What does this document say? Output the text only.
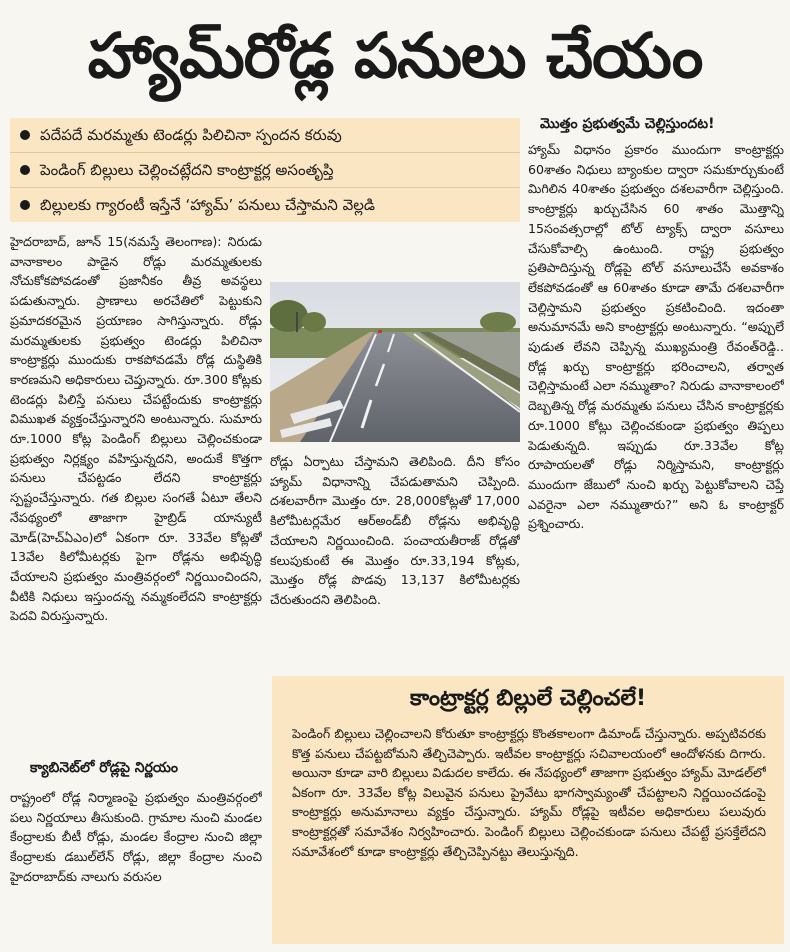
హ్యామ్‌రోడ్ల పనులు చేయం
పదేపదే మరమ్మతు టెండర్లు పిలిచినా స్పందన కరువు
పెండింగ్ బిల్లులు చెల్లించట్లేదని కాంట్రాక్టర్ల అసంతృప్తి
బిల్లులకు గ్యారంటీ ఇస్తేనే ‘హ్యామ్’ పనులు చేస్తామని వెల్లడి

హైదరాబాద్, జూన్ 15(నమస్తే తెలంగాణ): నిరుడు వానాకాలం పాడైన రోడ్లు మరమ్మతులకు నోచుకోకపోవడంతో ప్రజానీకం తీవ్ర అవస్థలు పడుతున్నారు. ప్రాణాలు అరచేతిలో పెట్టుకుని ప్రమాదకరమైన ప్రయాణం సాగిస్తున్నారు. రోడ్లు మరమ్మతులకు ప్రభుత్వం టెండర్లు పిలిచినా కాంట్రాక్టర్లు ముందుకు రాకపోవడమే రోడ్ల దుస్థితికి కారణమని అధికారులు చెప్తున్నారు. రూ.300 కోట్లకు టెండర్లు పిలిస్తే పనులు చేపట్టేందుకు కాంట్రాక్టర్లు విముఖత వ్యక్తంచేస్తున్నారని అంటున్నారు. సుమారు రూ.1000 కోట్ల పెండింగ్ బిల్లులు చెల్లించకుండా ప్రభుత్వం నిర్లక్ష్యం వహిస్తున్నదని, అందుకే కొత్తగా పనులు చేపట్టడం లేదని కాంట్రాక్టర్లు స్పష్టంచేస్తున్నారు. గత బిల్లుల సంగతే ఏటూ తేలని నేపథ్యంలో తాజాగా హైబ్రిడ్ యాన్యుటీ మోడ్(హెచ్ఏఎం)లో ఏకంగా రూ. 33వేల కోట్లతో 13వేల కిలోమీటర్లకు పైగా రోడ్లను అభివృద్ధి చేయాలని ప్రభుత్వం మంత్రివర్గంలో నిర్ణయించిందని, వీటికి నిధులు ఇస్తుందన్న నమ్మకంలేదని కాంట్రాక్టర్లు పెదవి విరుస్తున్నారు.

క్యాబినెట్‌లో రోడ్లపై నిర్ణయం

రాష్ట్రంలో రోడ్ల నిర్మాణంపై ప్రభుత్వం మంత్రివర్గంలో పలు నిర్ణయాలు తీసుకుంది. గ్రామాల నుంచి మండల కేంద్రాలకు బీటీ రోడ్లు, మండల కేంద్రాల నుంచి జిల్లా కేంద్రాలకు డబుల్‌లేన్ రోడ్లు, జిల్లా కేంద్రాల నుంచి హైదరాబాద్‌కు నాలుగు వరుసల

రోడ్లు ఏర్పాటు చేస్తామని తెలిపింది. దీని కోసం హ్యామ్ విధానాన్ని చేపడుతామని చెప్పింది. దశలవారీగా మొత్తం రూ. 28,000కోట్లతో 17,000 కిలోమీటర్లమేర ఆర్అండ్‌బీ రోడ్లను అభివృద్ధి చేయాలని నిర్ణయించింది. పంచాయతీరాజ్ రోడ్లతో కలుపుకుంటే ఈ మొత్తం రూ.33,194 కోట్లకు, మొత్తం రోడ్ల పొడవు 13,137 కిలోమీటర్లకు చేరుతుందని తెలిపింది.

మొత్తం ప్రభుత్వమే చెల్లిస్తుందట!

హ్యామ్ విధానం ప్రకారం ముందుగా కాంట్రాక్టర్లు 60శాతం నిధులు బ్యాంకుల ద్వారా సమకూర్చుకుంటే మిగిలిన 40శాతం ప్రభుత్వం దశలవారీగా చెల్లిస్తుంది. కాంట్రాక్టర్లు ఖర్చుచేసిన 60 శాతం మొత్తాన్ని 15సంవత్సరాల్లో టోల్ ట్యాక్స్ ద్వారా వసూలు చేసుకోవాల్సి ఉంటుంది. రాష్ట్ర ప్రభుత్వం ప్రతిపాదిస్తున్న రోడ్లపై టోల్ వసూలుచేసే అవకాశం లేకపోవడంతో ఆ 60శాతం కూడా తామే దశలవారీగా చెల్లిస్తామని ప్రభుత్వం ప్రకటించింది. ఇదంతా అనుమానమే అని కాంట్రాక్టర్లు అంటున్నారు. “అప్పులే పుడుత లేవని చెప్పిన్న ముఖ్యమంత్రి రేవంత్‌రెడ్డి.. రోడ్ల ఖర్చు కాంట్రాక్టర్లు భరించాలని, తర్వాత చెల్లిస్తామంటే ఎలా నమ్ముతాం? నిరుడు వానాకాలంలో దెబ్బతిన్న రోడ్ల మరమ్మతు పనులు చేసిన కాంట్రాక్టర్లకు రూ.1000 కోట్లు చెల్లించకుండా ప్రభుత్వం తిప్పలు పెడుతున్నది. ఇప్పుడు రూ.33వేల కోట్ల రూపాయలతో రోడ్లు నిర్మిస్తామని, కాంట్రాక్టర్లు ముందుగా జేబులో నుంచి ఖర్చు పెట్టుకోవాలని చెప్తే ఎవరైనా ఎలా నమ్ముతారు?” అని ఓ కాంట్రాక్టర్ ప్రశ్నించారు.

కాంట్రాక్టర్ల బిల్లులే చెల్లించలే!
పెండింగ్ బిల్లులు చెల్లించాలని కోరుతూ కాంట్రాక్టర్లు కొంతకాలంగా డిమాండ్ చేస్తున్నారు. అప్పటివరకు కొత్త పనులు చేపట్టబోమని తేల్చిచెప్పారు. ఇటీవల కాంట్రాక్టర్లు సచివాలయంలో ఆందోళనకు దిగారు. అయినా కూడా వారి బిల్లులు విడుదల కాలేదు. ఈ నేపథ్యంలో తాజాగా ప్రభుత్వం హ్యామ్ మోడల్‌లో ఏకంగా రూ. 33వేల కోట్ల విలువైన పనులు ప్రైవేటు భాగస్వామ్యంతో చేపట్టాలని నిర్ణయించడంపై కాంట్రాక్టర్లు అనుమానాలు వ్యక్తం చేస్తున్నారు. హ్యామ్ రోడ్లపై ఇటీవల అధికారులు పలువురు కాంట్రాక్టర్లతో సమావేశం నిర్వహించారు. పెండింగ్ బిల్లులు చెల్లించకుండా పనులు చేపట్టే ప్రసక్తేలేదని సమావేశంలో కూడా కాంట్రాక్టర్లు తేల్చిచెప్పినట్టు తెలుస్తున్నది.
